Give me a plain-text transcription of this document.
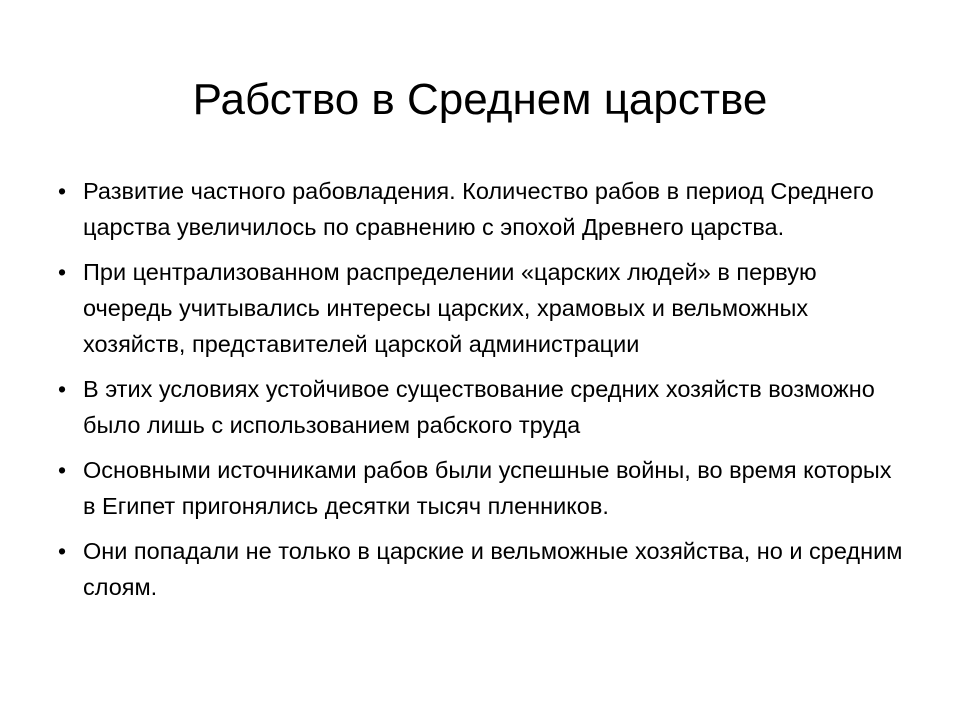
Рабство в Среднем царстве
• Развитие частного рабовладения. Количество рабов в период Среднего царства увеличилось по сравнению с эпохой Древнего царства.
• При централизованном распределении «царских людей» в первую очередь учитывались интересы царских, храмовых и вельможных хозяйств, представителей царской администрации
• В этих условиях устойчивое существование средних хозяйств возможно было лишь с использованием рабского труда
• Основными источниками рабов были успешные войны, во время которых в Египет пригонялись десятки тысяч пленников.
• Они попадали не только в царские и вельможные хозяйства, но и средним слоям.
